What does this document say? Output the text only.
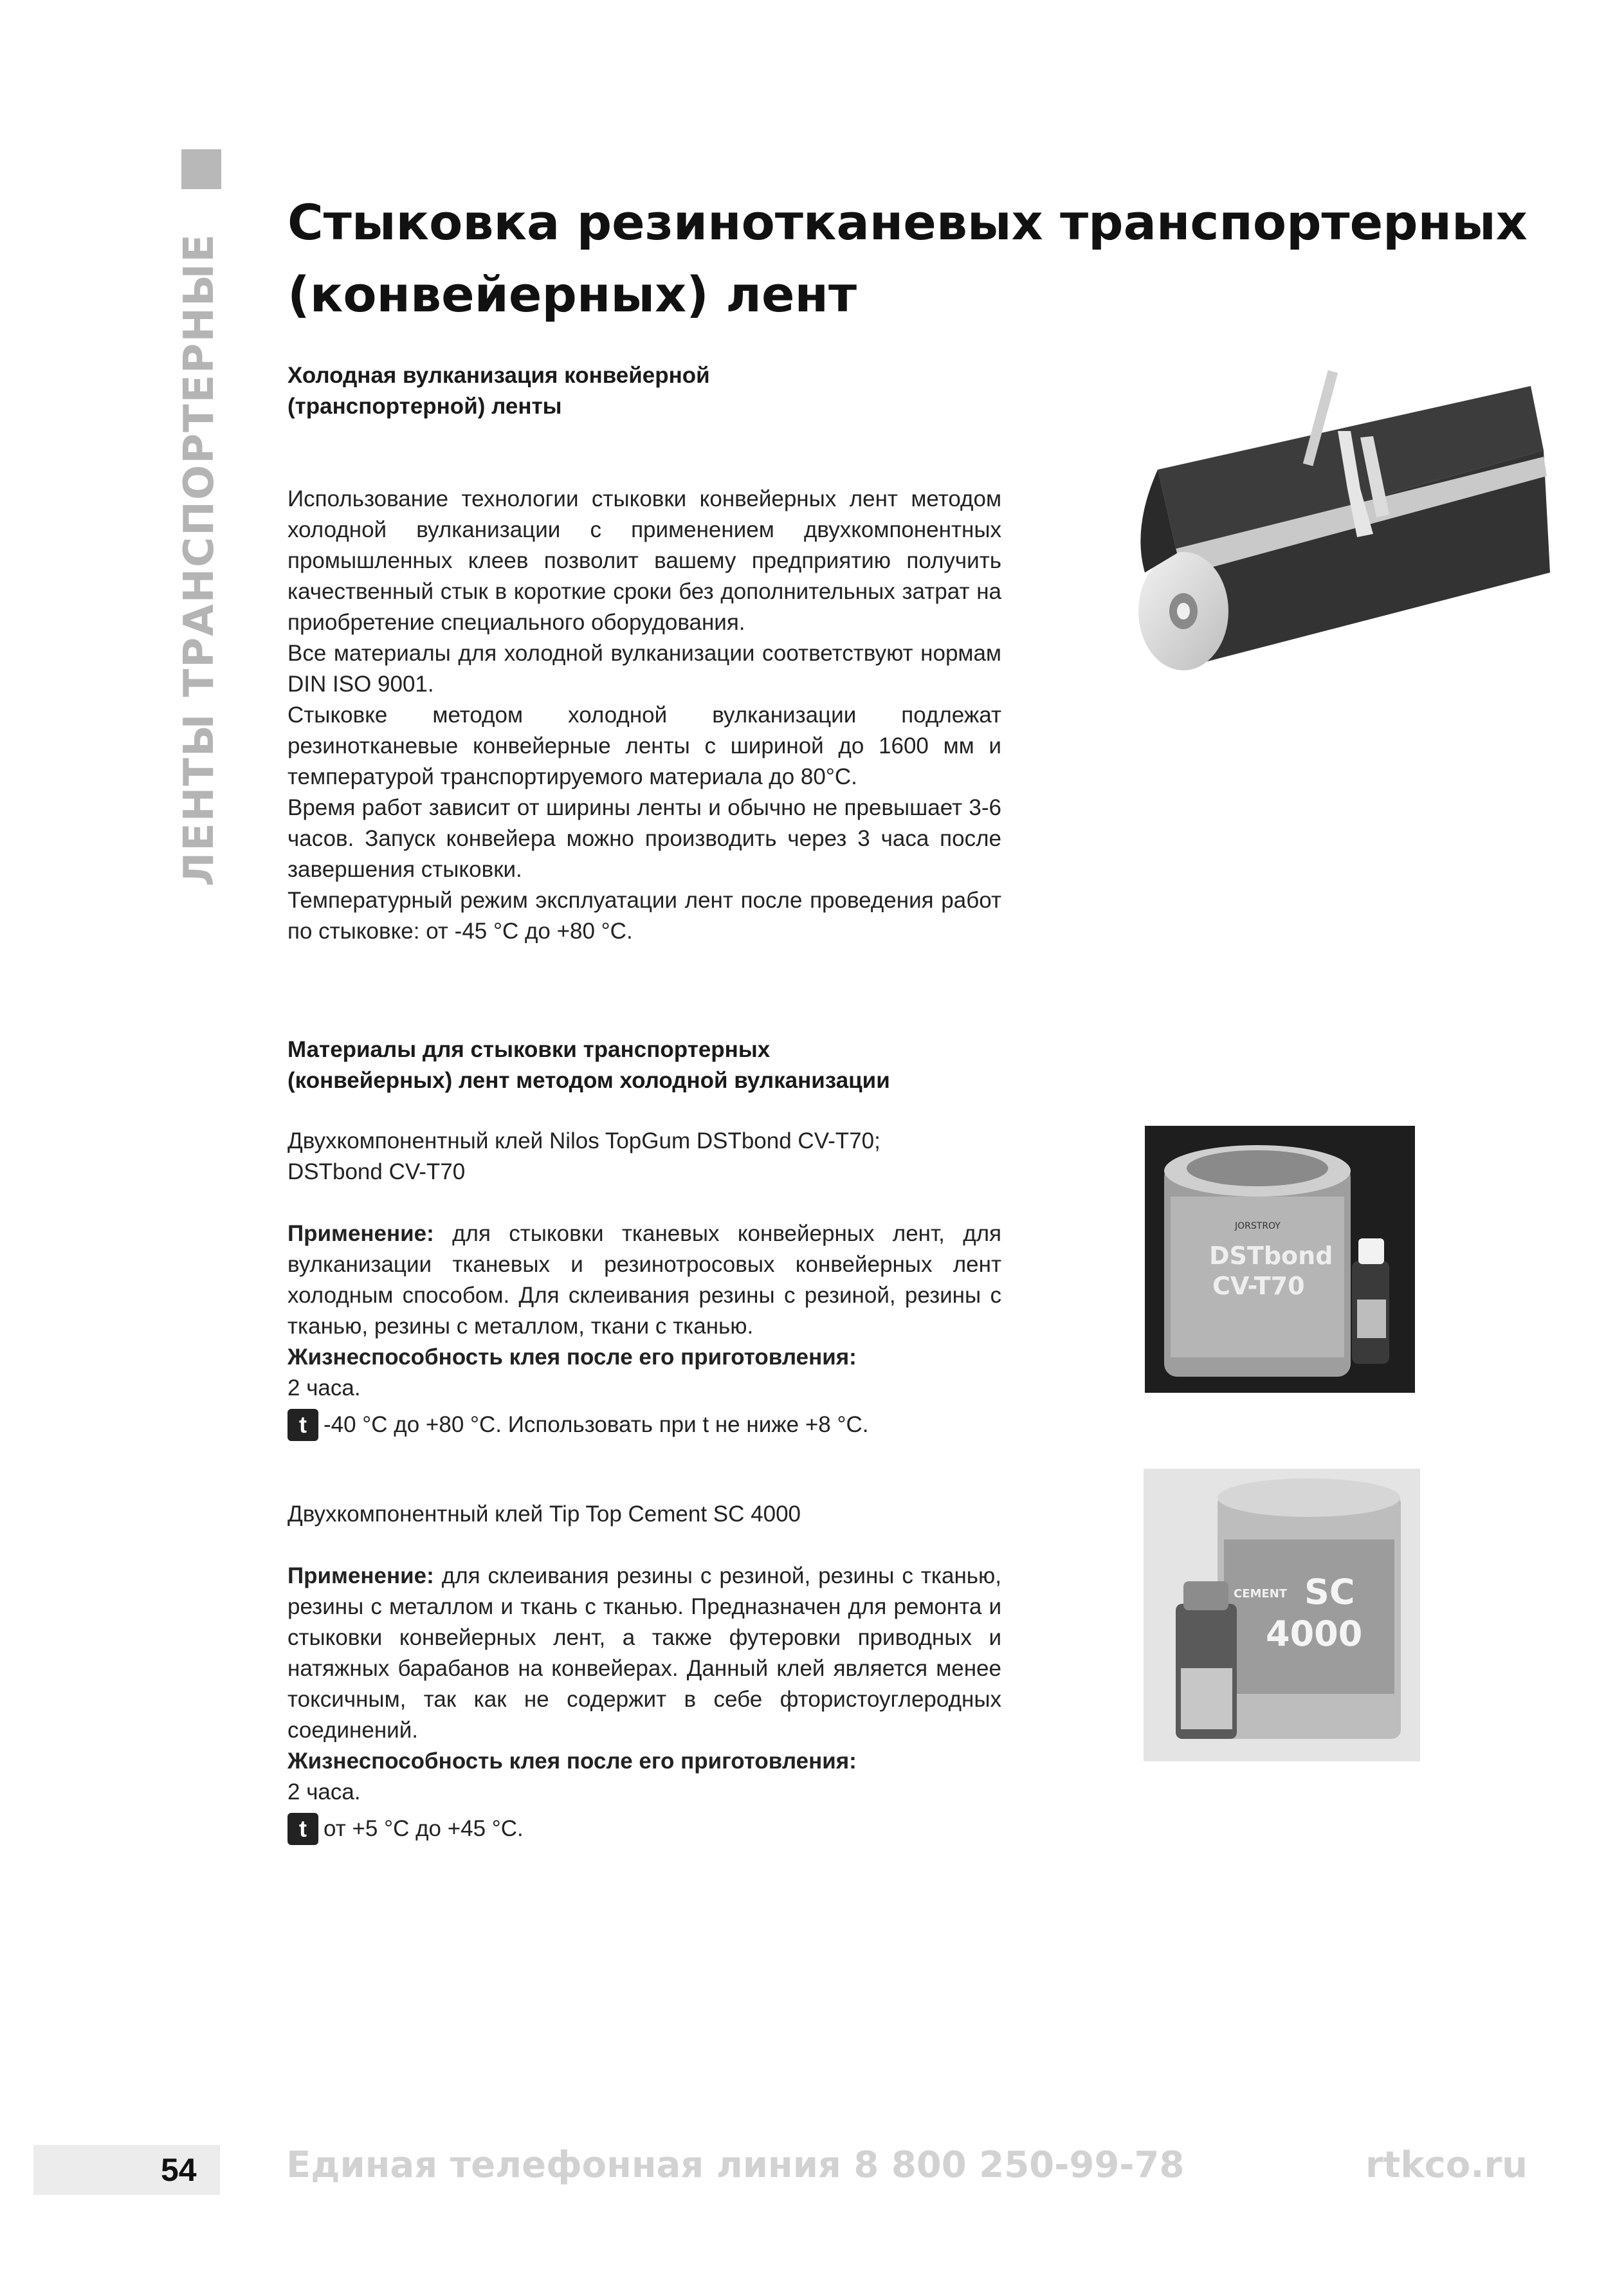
ЛЕНТЫ ТРАНСПОРТЕРНЫЕ
Стыковка резинотканевых транспортерных
(конвейерных) лент
Холодная вулканизация конвейерной
(транспортерной) ленты

Использование технологии стыковки конвейерных лент методом холодной вулканизации с применением двухкомпонентных промышленных клеев позволит вашему предприятию получить качественный стык в короткие сроки без дополнительных затрат на приобретение специального оборудования.

Все материалы для холодной вулканизации соответствуют нормам DIN ISO 9001.

Стыковке методом холодной вулканизации подлежат резинотканевые конвейерные ленты с шириной до 1600 мм и температурой транспортируемого материала до 80°С.

Время работ зависит от ширины ленты и обычно не превышает 3-6 часов. Запуск конвейера можно производить через 3 часа после завершения стыковки.

Температурный режим эксплуатации лент после проведения работ по стыковке: от -45 °С до +80 °С.

Материалы для стыковки транспортерных
(конвейерных) лент методом холодной вулканизации
Двухкомпонентный клей Nilos TopGum DSTbond CV-T70;
DSTbond CV-T70

Применение: для стыковки тканевых конвейерных лент, для вулканизации тканевых и резинотросовых конвейерных лент холодным способом. Для склеивания резины с резиной, резины с тканью, резины с металлом, ткани с тканью.

Жизнеспособность клея после его приготовления:
2 часа.
t -40 °С до +80 °С. Использовать при t не ниже +8 °С.
JORSTROY
DSTbond
CV-T70
Двухкомпонентный клей Tip Top Cement SC 4000

Применение: для склеивания резины с резиной, резины с тканью, резины с металлом и ткань с тканью. Предназначен для ремонта и стыковки конвейерных лент, а также футеровки приводных и натяжных барабанов на конвейерах. Данный клей является менее токсичным, так как не содержит в себе фтористоуглеродных соединений.

Жизнеспособность клея после его приготовления:
2 часа.
t от +5 °С до +45 °С.
CEMENT SC
4000
54 Единая телефонная линия 8 800 250-99-78	rtkco.ru
